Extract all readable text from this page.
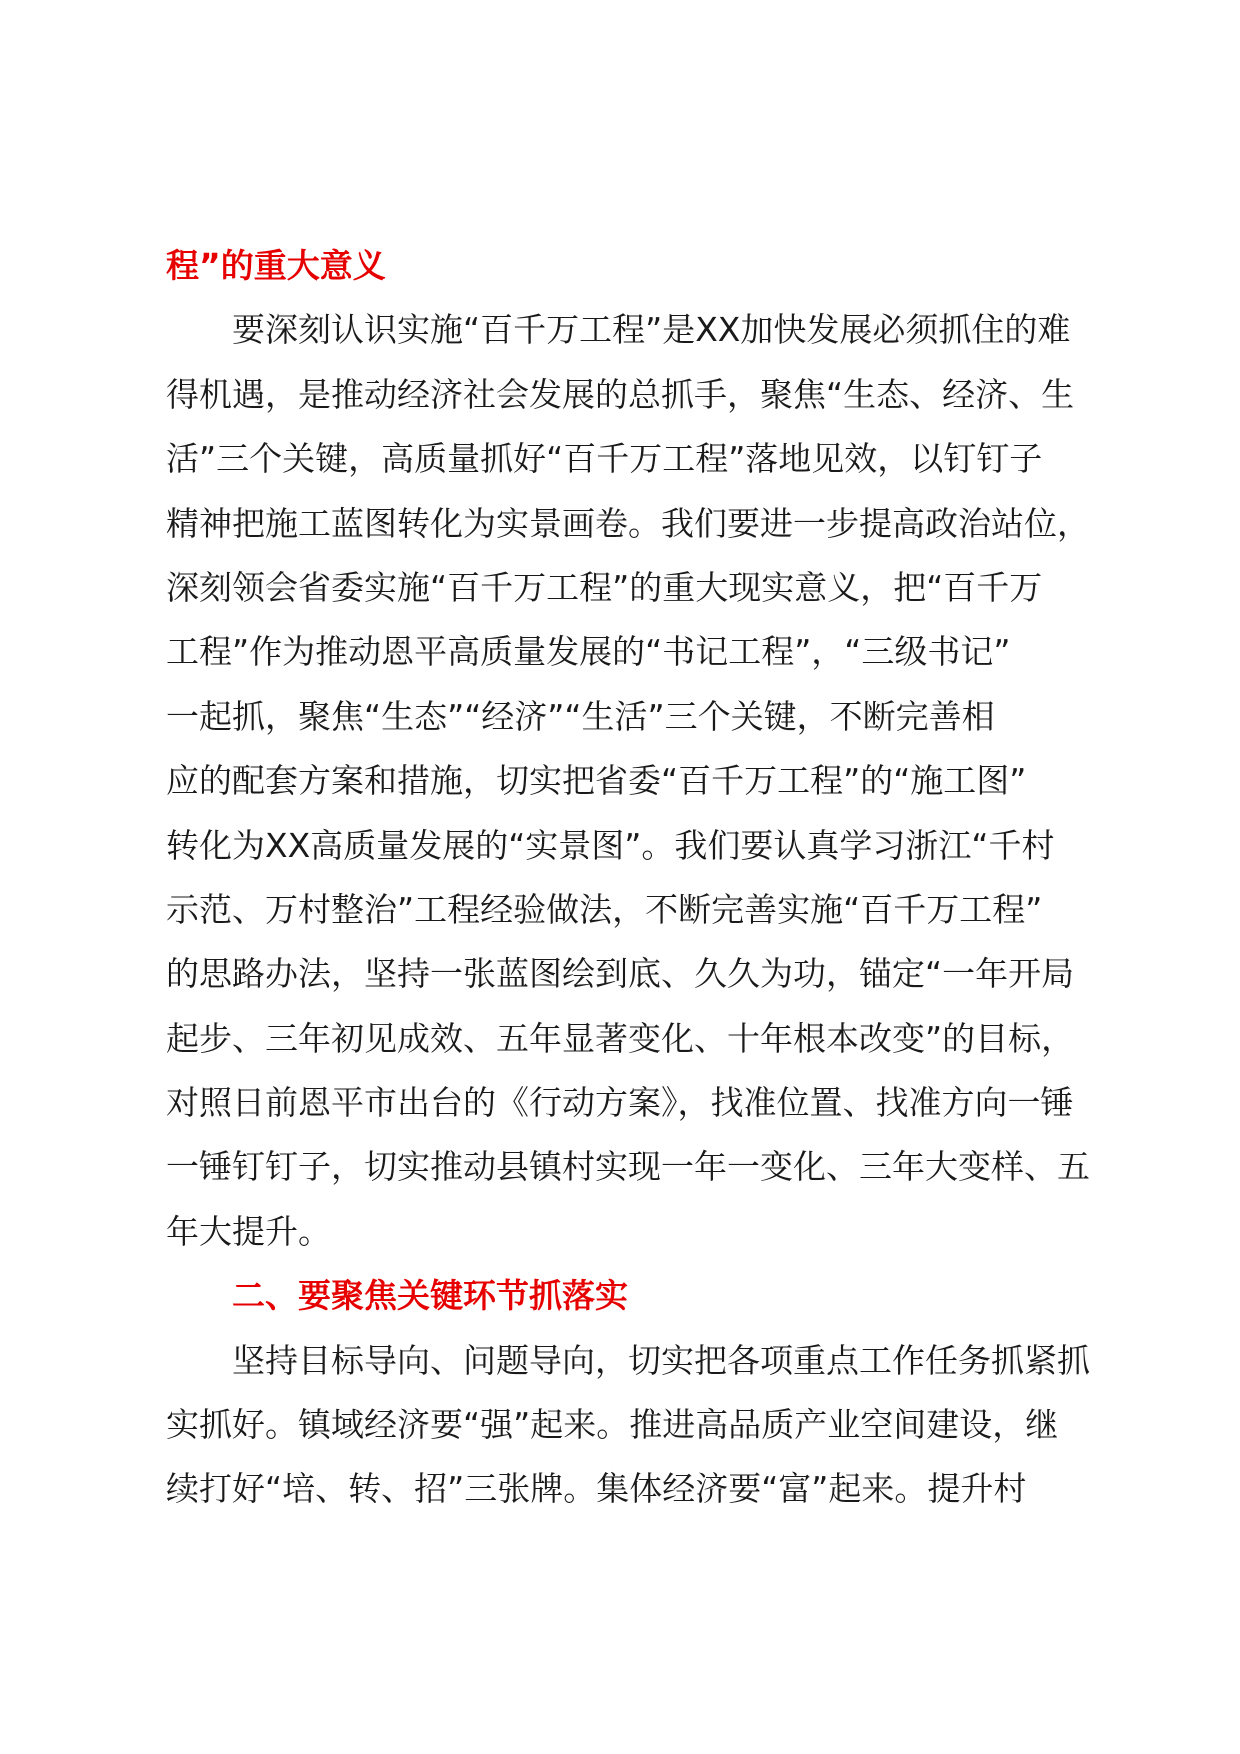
程”的重大意义
要深刻认识实施“百千万工程”是XX加快发展必须抓住的难
得机遇，是推动经济社会发展的总抓手，聚焦“生态、经济、生
活”三个关键，高质量抓好“百千万工程”落地见效，以钉钉子
精神把施工蓝图转化为实景画卷。我们要进一步提高政治站位，
深刻领会省委实施“百千万工程”的重大现实意义，把“百千万
工程”作为推动恩平高质量发展的“书记工程”，“三级书记”
一起抓，聚焦“生态”“经济”“生活”三个关键，不断完善相
应的配套方案和措施，切实把省委“百千万工程”的“施工图”
转化为XX高质量发展的“实景图”。我们要认真学习浙江“千村
示范、万村整治”工程经验做法，不断完善实施“百千万工程”
的思路办法，坚持一张蓝图绘到底、久久为功，锚定“一年开局
起步、三年初见成效、五年显著变化、十年根本改变”的目标，
对照日前恩平市出台的《行动方案》，找准位置、找准方向一锤
一锤钉钉子，切实推动县镇村实现一年一变化、三年大变样、五
年大提升。
二、要聚焦关键环节抓落实
坚持目标导向、问题导向，切实把各项重点工作任务抓紧抓
实抓好。镇域经济要“强”起来。推进高品质产业空间建设，继
续打好“培、转、招”三张牌。集体经济要“富”起来。提升村
